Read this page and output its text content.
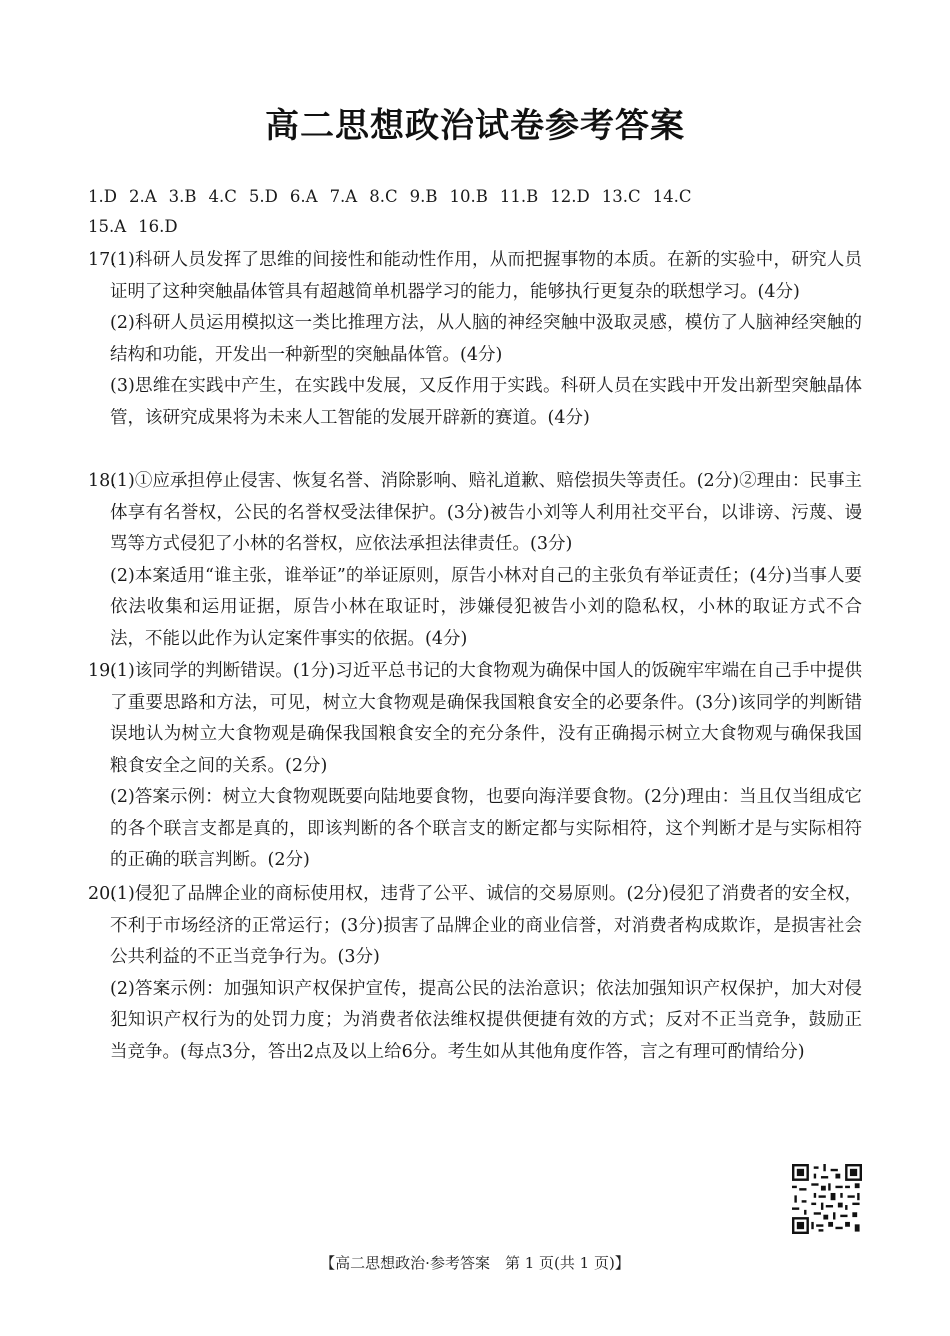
高二思想政治试卷参考答案
1.D 2.A 3.B 4.C 5.D 6.A 7.A 8.C 9.B 10.B 11.B 12.D 13.C 14.C
15.A 16.D
17.
(1)科研人员发挥了思维的间接性和能动性作用，从而把握事物的本质。在新的实验中，研究人员证明了这种突触晶体管具有超越简单机器学习的能力，能够执行更复杂的联想学习。(4分)
(2)科研人员运用模拟这一类比推理方法，从人脑的神经突触中汲取灵感，模仿了人脑神经突触的结构和功能，开发出一种新型的突触晶体管。(4分)
(3)思维在实践中产生，在实践中发展，又反作用于实践。科研人员在实践中开发出新型突触晶体管，该研究成果将为未来人工智能的发展开辟新的赛道。(4分)
18.
(1)①应承担停止侵害、恢复名誉、消除影响、赔礼道歉、赔偿损失等责任。(2分)②理由：民事主体享有名誉权，公民的名誉权受法律保护。(3分)被告小刘等人利用社交平台，以诽谤、污蔑、谩骂等方式侵犯了小林的名誉权，应依法承担法律责任。(3分)
(2)本案适用“谁主张，谁举证”的举证原则，原告小林对自己的主张负有举证责任；(4分)当事人要依法收集和运用证据，原告小林在取证时，涉嫌侵犯被告小刘的隐私权，小林的取证方式不合法，不能以此作为认定案件事实的依据。(4分)
19.
(1)该同学的判断错误。(1分)习近平总书记的大食物观为确保中国人的饭碗牢牢端在自己手中提供了重要思路和方法，可见，树立大食物观是确保我国粮食安全的必要条件。(3分)该同学的判断错误地认为树立大食物观是确保我国粮食安全的充分条件，没有正确揭示树立大食物观与确保我国粮食安全之间的关系。(2分)
(2)答案示例：树立大食物观既要向陆地要食物，也要向海洋要食物。(2分)理由：当且仅当组成它的各个联言支都是真的，即该判断的各个联言支的断定都与实际相符，这个判断才是与实际相符的正确的联言判断。(2分)
20.
(1)侵犯了品牌企业的商标使用权，违背了公平、诚信的交易原则。(2分)侵犯了消费者的安全权，不利于市场经济的正常运行；(3分)损害了品牌企业的商业信誉，对消费者构成欺诈，是损害社会公共利益的不正当竞争行为。(3分)
(2)答案示例：加强知识产权保护宣传，提高公民的法治意识；依法加强知识产权保护，加大对侵犯知识产权行为的处罚力度；为消费者依法维权提供便捷有效的方式；反对不正当竞争，鼓励正当竞争。(每点3分，答出2点及以上给6分。考生如从其他角度作答，言之有理可酌情给分)
【高二思想政治·参考答案　第 1 页(共 1 页)】
